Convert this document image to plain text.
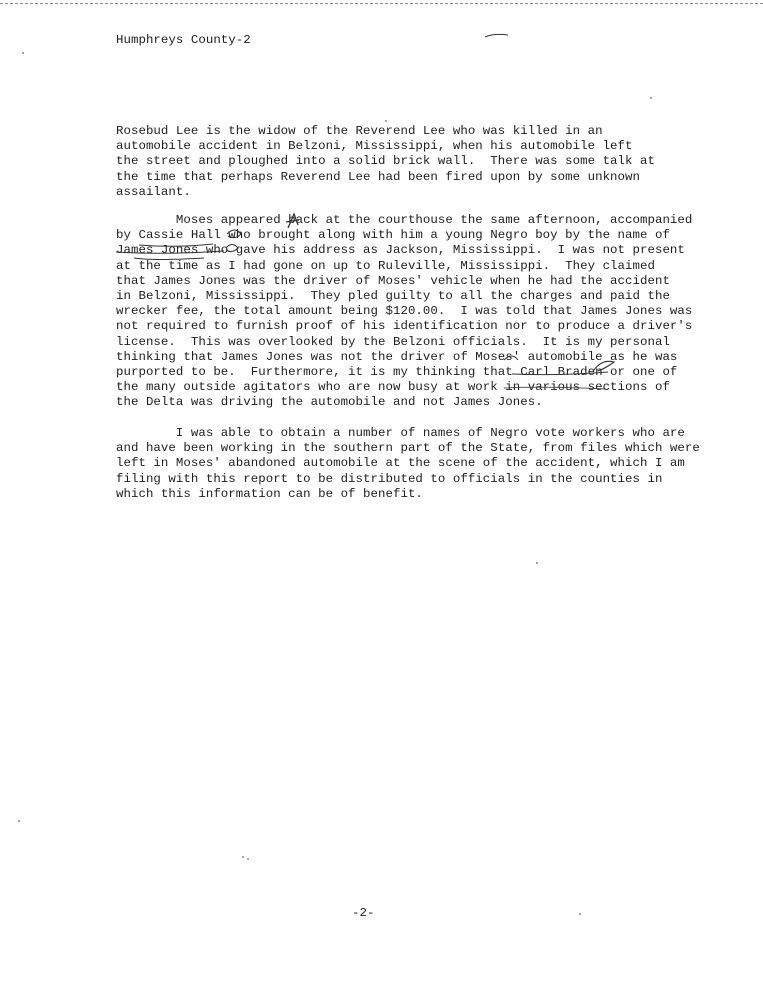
Humphreys County-2
Rosebud Lee is the widow of the Reverend Lee who was killed in an
automobile accident in Belzoni, Mississippi, when his automobile left
the street and ploughed into a solid brick wall.  There was some talk at
the time that perhaps Reverend Lee had been fired upon by some unknown
assailant.
Moses appeared back at the courthouse the same afternoon, accompanied
by Cassie Hall who brought along with him a young Negro boy by the name of
James Jones who gave his address as Jackson, Mississippi.  I was not present
at the time as I had gone on up to Ruleville, Mississippi.  They claimed
that James Jones was the driver of Moses' vehicle when he had the accident
in Belzoni, Mississippi.  They pled guilty to all the charges and paid the
wrecker fee, the total amount being $120.00.  I was told that James Jones was
not required to furnish proof of his identification nor to produce a driver's
license.  This was overlooked by the Belzoni officials.  It is my personal
thinking that James Jones was not the driver of Moses' automobile as he was
purported to be.  Furthermore, it is my thinking that Carl Braden or one of
the many outside agitators who are now busy at work in various sections of
the Delta was driving the automobile and not James Jones.
I was able to obtain a number of names of Negro vote workers who are
and have been working in the southern part of the State, from files which were
left in Moses' abandoned automobile at the scene of the accident, which I am
filing with this report to be distributed to officials in the counties in
which this information can be of benefit.
-2-
